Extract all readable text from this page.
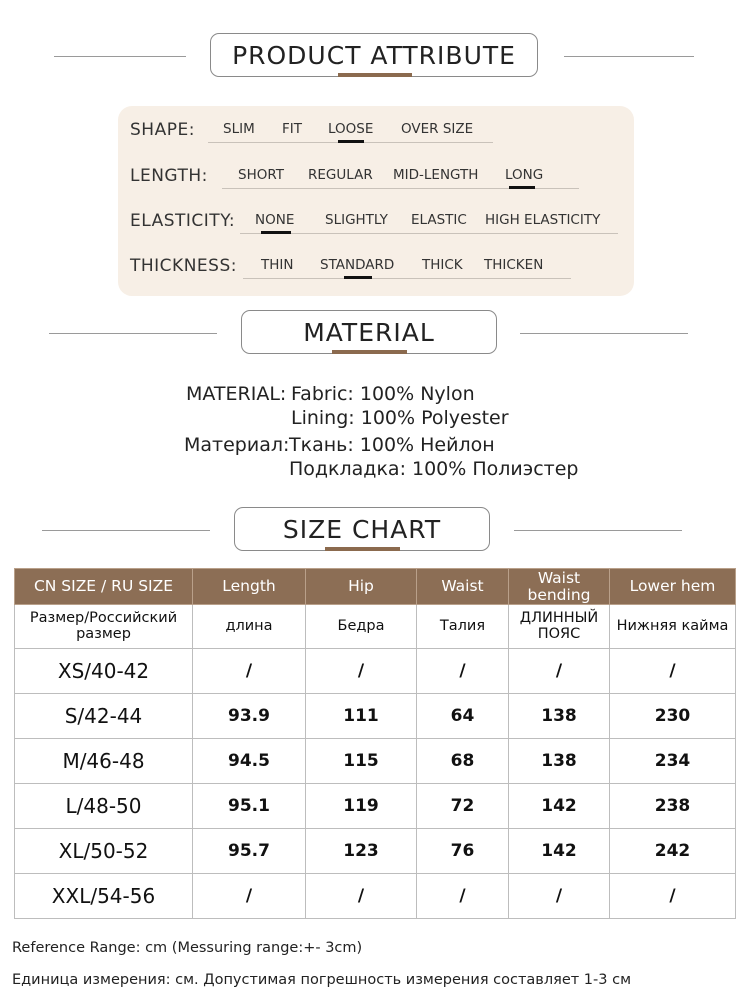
PRODUCT ATTRIBUTE
SHAPE: SLIM FIT LOOSE OVER SIZE
LENGTH: SHORT REGULAR MID-LENGTH LONG
ELASTICITY: NONE SLIGHTLY ELASTIC HIGH ELASTICITY
THICKNESS: THIN STANDARD THICK THICKEN
MATERIAL
MATERIAL: Fabric: 100% Nylon
Lining: 100% Polyester
Материал: Ткань: 100% Нейлон
Подкладка: 100% Полиэстер
SIZE CHART
CN SIZE / RU SIZE	Length	Hip	Waist	Waist bending	Lower hem
Размер/Российский размер	длина	Бедра	Талия	ДЛИННЫЙ ПОЯС	Нижняя кайма
XS/40-42	/	/	/	/	/
S/42-44	93.9	111	64	138	230
M/46-48	94.5	115	68	138	234
L/48-50	95.1	119	72	142	238
XL/50-52	95.7	123	76	142	242
XXL/54-56	/	/	/	/	/
Reference Range: cm (Messuring range:+- 3cm)
Единица измерения: см. Допустимая погрешность измерения составляет 1-3 см
